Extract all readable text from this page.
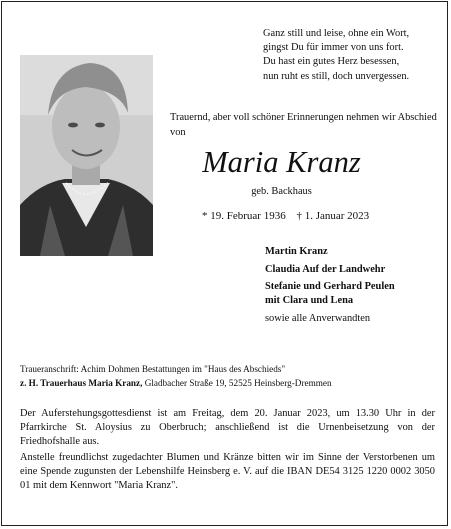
Ganz still und leise, ohne ein Wort,
gingst Du für immer von uns fort.
Du hast ein gutes Herz besessen,
nun ruht es still, doch unvergessen.
Trauernd, aber voll schöner Erinnerungen nehmen wir Abschied von
Maria Kranz
geb. Backhaus
* 19. Februar 1936 † 1. Januar 2023
Martin Kranz
Claudia Auf der Landwehr
Stefanie und Gerhard Peulen
mit Clara und Lena
sowie alle Anverwandten
Traueranschrift: Achim Dohmen Bestattungen im "Haus des Abschieds"
z. H. Trauerhaus Maria Kranz, Gladbacher Straße 19, 52525 Heinsberg-Dremmen

Der Auferstehungsgottesdienst ist am Freitag, dem 20. Januar 2023, um 13.30 Uhr in der Pfarrkirche St. Aloysius zu Oberbruch; anschließend ist die Urnenbeisetzung von der Friedhofshalle aus.

Anstelle freundlichst zugedachter Blumen und Kränze bitten wir im Sinne der Verstorbenen um eine Spende zugunsten der Lebenshilfe Heinsberg e. V. auf die IBAN DE54 3125 1220 0002 3050 01 mit dem Kennwort "Maria Kranz".
